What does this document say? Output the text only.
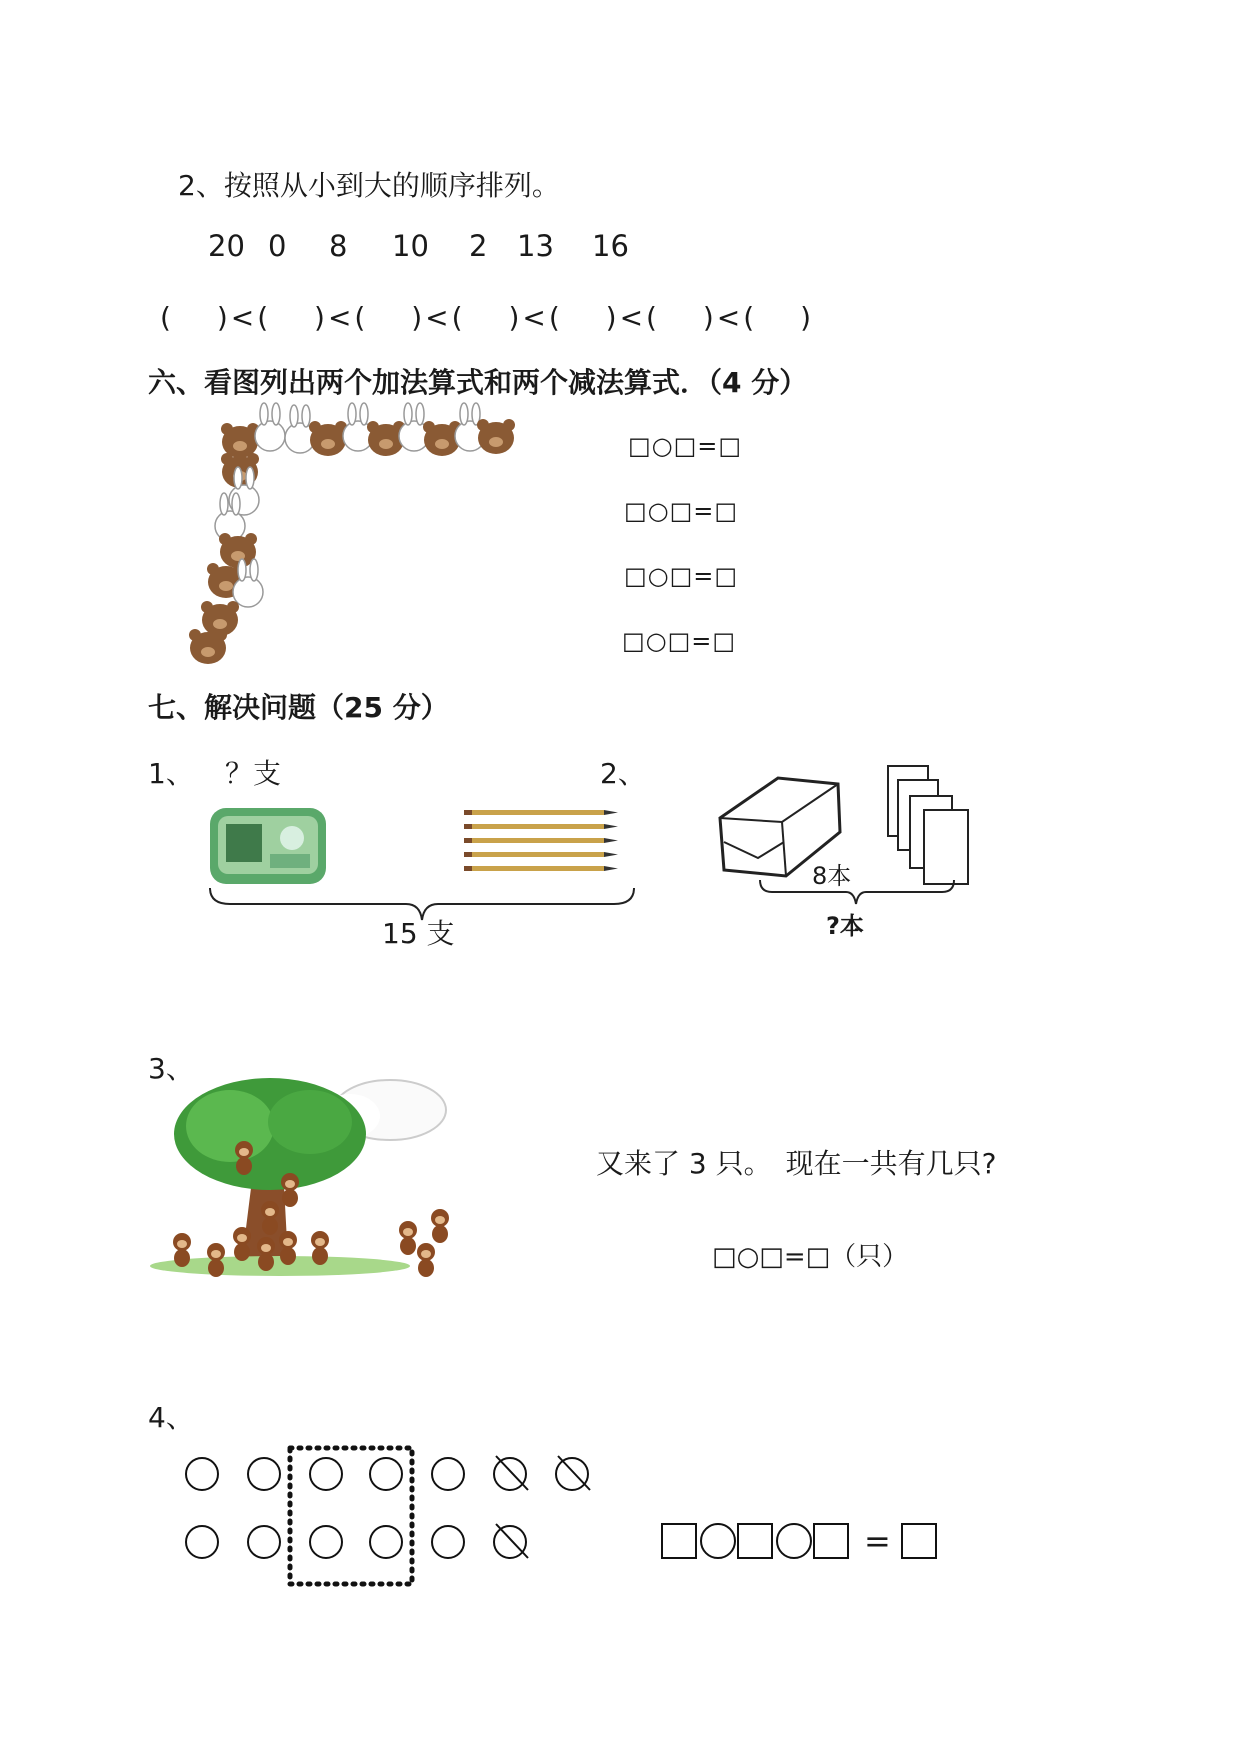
2、按照从小到大的顺序排列。
20 0 8 10 2 13 16
(　 )<(　 )<(　 )<(　 )<(　 )<(　 )<(　 )
六、看图列出两个加法算式和两个减法算式．（4 分）
□○□=□
□○□=□
□○□=□
□○□=□
七、解决问题（25 分）
1、 ？支
15 支
2、
8本
?本
3、
又来了 3 只。　现在一共有几只?
□○□=□（只）
4、
=
